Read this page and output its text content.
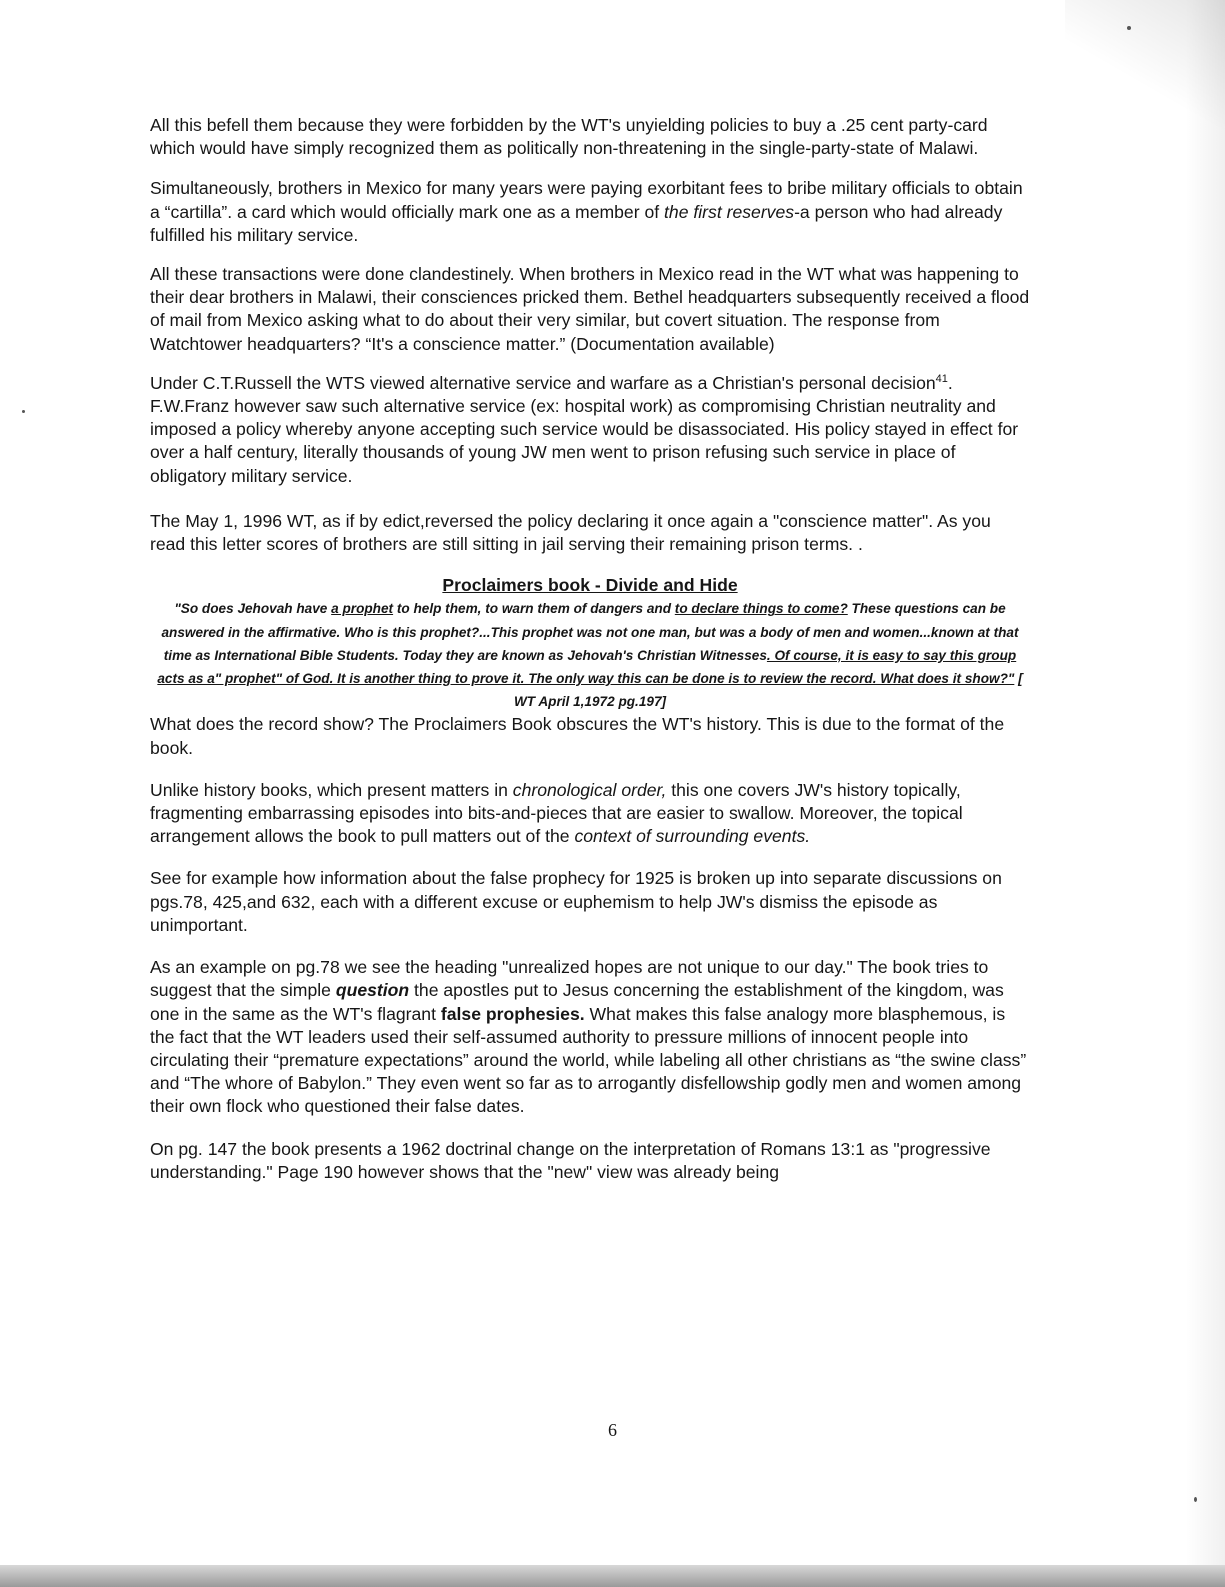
All this befell them because they were forbidden by the WT's unyielding policies to buy a .25 cent party-card which would have simply recognized them as politically non-threatening in the single-party-state of Malawi.

Simultaneously, brothers in Mexico for many years were paying exorbitant fees to bribe military officials to obtain a “cartilla”. a card which would officially mark one as a member of the first reserves-a person who had already fulfilled his military service.

All these transactions were done clandestinely. When brothers in Mexico read in the WT what was happening to their dear brothers in Malawi, their consciences pricked them. Bethel headquarters subsequently received a flood of mail from Mexico asking what to do about their very similar, but covert situation. The response from Watchtower headquarters? “It's a conscience matter.” (Documentation available)

Under C.T.Russell the WTS viewed alternative service and warfare as a Christian's personal decision$^{41}$. F.W.Franz however saw such alternative service (ex: hospital work) as compromising Christian neutrality and imposed a policy whereby anyone accepting such service would be disassociated. His policy stayed in effect for over a half century, literally thousands of young JW men went to prison refusing such service in place of obligatory military service.

The May 1, 1996 WT, as if by edict,reversed the policy declaring it once again a "conscience matter". As you read this letter scores of brothers are still sitting in jail serving their remaining prison terms. .

Proclaimers book - Divide and Hide

"So does Jehovah have a prophet to help them, to warn them of dangers and to declare things to come? These questions can be answered in the affirmative. Who is this prophet?...This prophet was not one man, but was a body of men and women...known at that time as International Bible Students. Today they are known as Jehovah's Christian Witnesses. Of course, it is easy to say this group acts as a" prophet" of God. It is another thing to prove it. The only way this can be done is to review the record. What does it show?" [ WT April 1,1972 pg.197]

What does the record show? The Proclaimers Book obscures the WT's history. This is due to the format of the book.

Unlike history books, which present matters in chronological order, this one covers JW's history topically, fragmenting embarrassing episodes into bits-and-pieces that are easier to swallow. Moreover, the topical arrangement allows the book to pull matters out of the context of surrounding events.

See for example how information about the false prophecy for 1925 is broken up into separate discussions on pgs.78, 425,and 632, each with a different excuse or euphemism to help JW's dismiss the episode as unimportant.

As an example on pg.78 we see the heading "unrealized hopes are not unique to our day." The book tries to suggest that the simple question the apostles put to Jesus concerning the establishment of the kingdom, was one in the same as the WT's flagrant false prophesies. What makes this false analogy more blasphemous, is the fact that the WT leaders used their self-assumed authority to pressure millions of innocent people into circulating their “premature expectations” around the world, while labeling all other christians as “the swine class” and “The whore of Babylon.” They even went so far as to arrogantly disfellowship godly men and women among their own flock who questioned their false dates.

On pg. 147 the book presents a 1962 doctrinal change on the interpretation of Romans 13:1 as "progressive understanding." Page 190 however shows that the "new" view was already being

6
